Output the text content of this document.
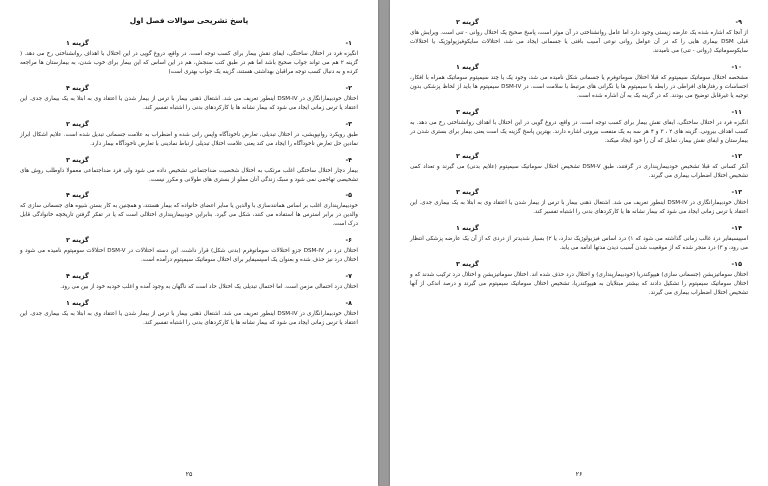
پاسخ تشریحی سوالات فصل اول
-۱
گزینه ۱

انگیزه فرد در اختلال ساختگی، ایفای نقش بیمار برای کسب توجه است. در واقع، دروغ گویی در این اختلال با اهداف روانشناختی رخ می دهد. ( گزینه ۲ هم می تواند جواب صحیح باشد اما هم در طبق کتب سنجش، هم در این اساس که این بیمار برای خوب شدن، به بیمارستان ها مراجعه کرده و به دنبال کسب توجه مراقبان بهداشتی هستند، گزینه یک جواب بهتری است)

-۲
گزینه ۴

اختلال خودبیمارانگاری در DSM-IV اینطور تعریف می شد. اشتغال ذهنی بیمار با ترس از بیمار شدن یا اعتقاد وی به ابتلا به یک بیماری جدی. این اعتقاد یا ترس زمانی ایجاد می شود که بیمار نشانه ها یا کارکردهای بدنی را اشتباه تفسیر کند.

-۳
گزینه ۲

طبق رویکرد روانپویشی، در اختلال تبدیلی، تعارض ناخودآگاه واپس رانی شده و اضطراب به علامت جسمانی تبدیل شده است. علایم اشکال ابراز نمادین حل تعارض ناخودآگاه را ایجاد می کند یعنی علامت اختلال تبدیلی ارتباط نمادینی با تعارض ناخودآگاه بیمار دارد.

-۴
گزینه ۳

بیمار دچار اختلال ساختگی اغلب مرتکب به اختلال شخصیت ضداجتماعی تشخیص داده می شود ولی فرد ضداجتماعی معمولا داوطلب روش های تشخیصی تهاجمی نمی شود و سبک زندگی آنان مملو از بستری های طولانی و مکرر نیست.

-۵
گزینه ۴

خودبیمارپنداری اغلب بر اساس همانندسازی با والدین یا سایر اعضای خانواده که بیمار هستند، و همچنین به کار بستن شیوه های جسمانی سازی که والدین در برابر استرس ها استفاده می کنند، شکل می گیرد. بنابراین خودبیمارپنداری اختلالی است که یا در تفکر گرفتن تاریخچه خانوادگی قابل درک است.

-۶
گزینه ۲

اختلال درد در DSM-IV جزو اختلالات سوماتوفرم (بدنی شکل) قرار داشت. این دسته اختلالات در DSM-V اختلالات سومپتوم نامیده می شود و اختلال درد نیز حذف شده و بعنوان یک اسپسیفایر برای اختلال سوماتیک سیمپتوم درآمده است.

-۷
گزینه ۴

اختلال درد احتمالی مزمن است. اما احتمال تبدیلی یک اختلال حاد است که ناگهان به وجود آمده و اغلب خودبه خود از بین می رود.

-۸
گزینه ۱

اختلال خودبیمارانگاری در DSM-IV اینطور تعریف می شد. اشتغال ذهنی بیمار با ترس از بیمار شدن یا اعتقاد وی به ابتلا به یک بیماری جدی. این اعتقاد یا ترس زمانی ایجاد می شود که بیمار نشانه ها یا کارکردهای بدنی را اشتباه تفسیر کند.

۲۵
-۹
گزینه ۲

از آنجا که اشاره شده یک عارضه زیستی وجود دارد اما عامل روانشناختی در آن موثر است، پاسخ صحیح یک اختلال روانی - تنی است. ویرایش های قبلی DSM بیماری هایی را که در آن عوامل روانی نوعی آسیب بافتی یا جسمانی ایجاد می شد، اختلالات سایکوفیزیولوژیک یا اختلالات سایکوسوماتیک (روانی - تنی) می نامیدند.

-۱۰
گزینه ۱

مشخصه اختلال سوماتیک سیمپتوم که قبلا اختلال سوماتوفرم یا جسمانی شکل نامیده می شد، وجود یک یا چند سیمپتوم سوماتیک همراه با افکار، احساسات و رفتارهای افراطی در رابطه با سیمپتوم ها یا نگرانی های مرتبط با سلامت است. در DSM-IV سیمپتوم ها باید از لحاظ پزشکی بدون توجیه یا غیرقابل توضیح می بودند. که در گزینه یک به آن اشاره شده است.

-۱۱
گزینه ۳

انگیزه فرد در اختلال ساختگی، ایفای نقش بیمار برای کسب توجه است. در واقع، دروغ گویی در این اختلال با اهداف روانشناختی رخ می دهد. به کسب اهداف بیرونی. گزینه های ۲ ، ۳ و ۴ هر سه به یک منفعت بیرونی اشاره دارند. بهترین پاسخ گزینه یک است یعنی بیمار برای بستری شدن در بیمارستان و ایفای نقش بیمار، تمایل که آن را خود ایجاد میکند.

-۱۲
گزینه ۲

آنکر کسانی که قبلا تشخیص خودبیمارپنداری در گرفتند، طبق DSM-V تشخیص اختلال سوماتیک سیمپتوم (علایم بدنی) می گیرند و تعداد کمی تشخیص اختلال اضطراب بیماری می گیرند.

-۱۳
گزینه ۳

اختلال خودبیمارانگاری در DSM-IV اینطور تعریف می شد. اشتغال ذهنی بیمار با ترس از بیمار شدن یا اعتقاد وی به ابتلا به یک بیماری جدی. این اعتقاد یا ترس زمانی ایجاد می شود که بیمار نشانه ها یا کارکردهای بدنی را اشتباه تفسیر کند.

-۱۴
گزینه ۱

اسپیسیفایر درد غالب زمانی گذاشته می شود که ۱) درد اساس فیزیولوژیک ندارد، یا ۲) بسیار شدیدتر از دردی که از آن یک عارضه پزشکی انتظار می رود، و ۳) درد منجر شده که از موقعیت شدن آسیب دیدن مدتها ادامه می یابد.

-۱۵
گزینه ۳

اختلال سوماتیزیشن (جسمانی سازی) هیپوکندریا (خودبیمارپنداری) و اختلال درد حذف شده اند. اختلال سوماتیزیشن و اختلال درد ترکیب شدند که و اختلال سوماتیک سیمپتوم را تشکیل دادند که بیشتر مبتلایان به هیپوکندریا، تشخیص اختلال سوماتیک سیمپتوم می گیرند و درصد اندکی از آنها تشخیص اختلال اضطراب بیماری می گیرند.

۲۶
